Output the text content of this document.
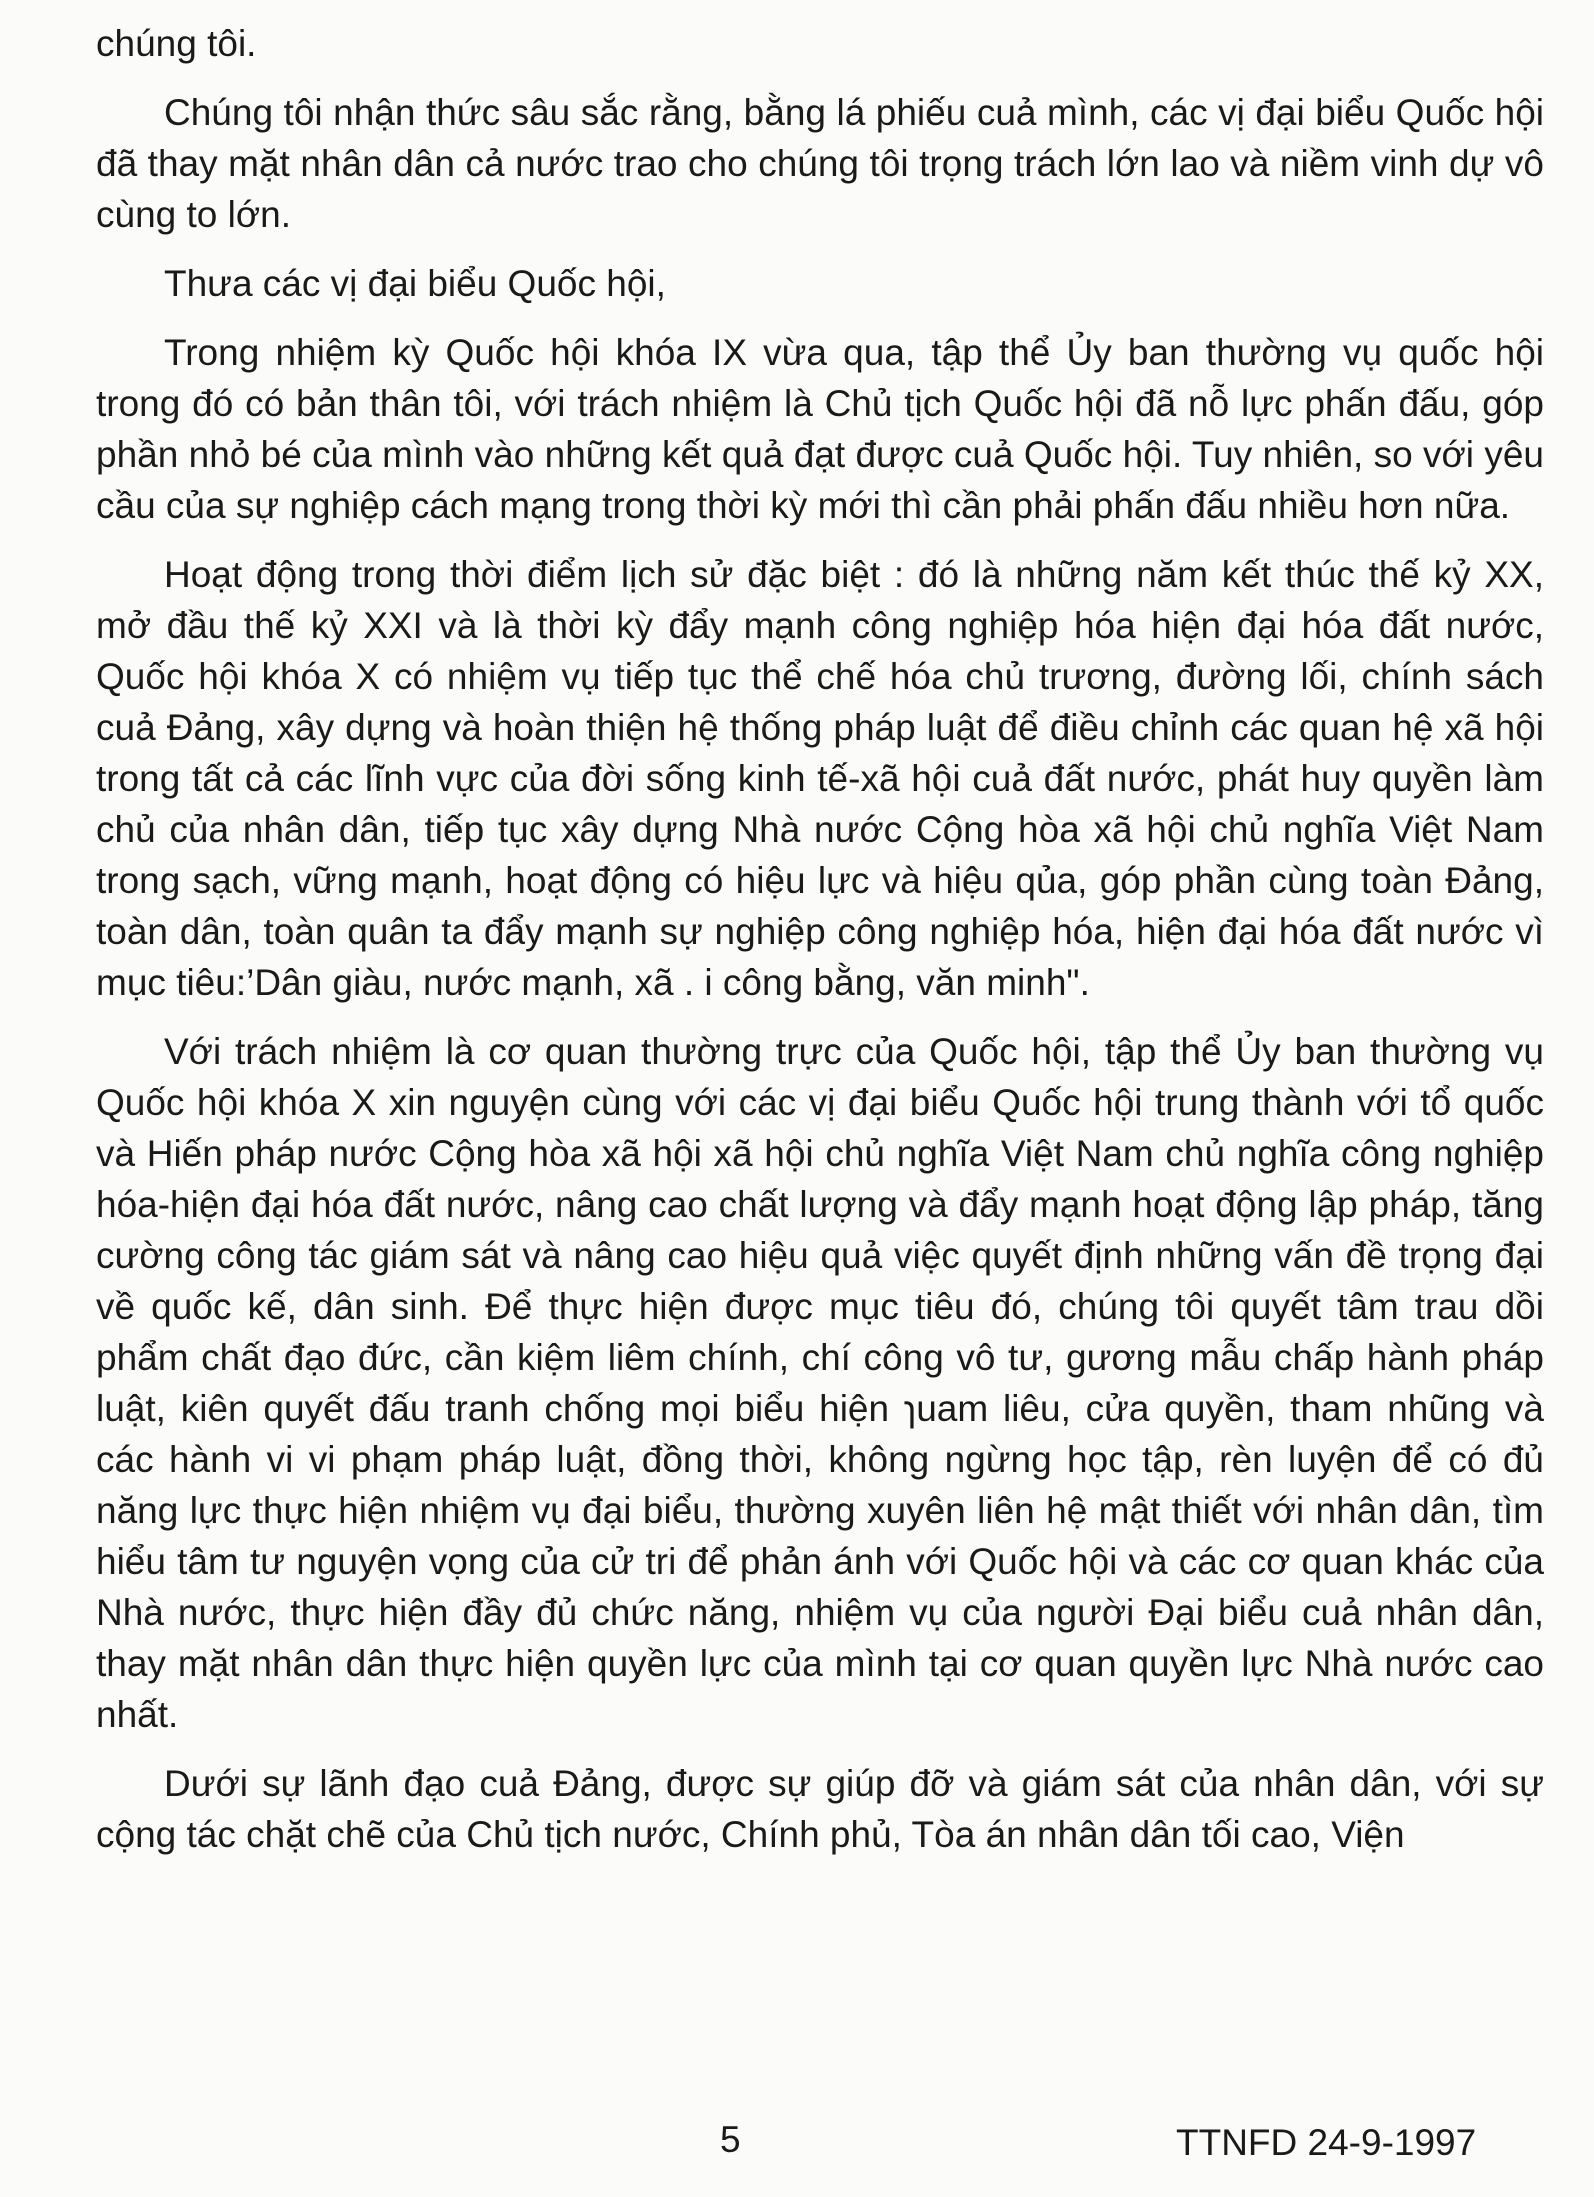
chúng tôi.

Chúng tôi nhận thức sâu sắc rằng, bằng lá phiếu cuả mình, các vị đại biểu Quốc hội đã thay mặt nhân dân cả nước trao cho chúng tôi trọng trách lớn lao và niềm vinh dự vô cùng to lớn.

Thưa các vị đại biểu Quốc hội,

Trong nhiệm kỳ Quốc hội khóa IX vừa qua, tập thể Ủy ban thường vụ quốc hội trong đó có bản thân tôi, với trách nhiệm là Chủ tịch Quốc hội đã nỗ lực phấn đấu, góp phần nhỏ bé của mình vào những kết quả đạt được cuả Quốc hội. Tuy nhiên, so với yêu cầu của sự nghiệp cách mạng trong thời kỳ mới thì cần phải phấn đấu nhiều hơn nữa.

Hoạt động trong thời điểm lịch sử đặc biệt : đó là những năm kết thúc thế kỷ XX, mở đầu thế kỷ XXI và là thời kỳ đẩy mạnh công nghiệp hóa hiện đại hóa đất nước, Quốc hội khóa X có nhiệm vụ tiếp tục thể chế hóa chủ trương, đường lối, chính sách cuả Đảng, xây dựng và hoàn thiện hệ thống pháp luật để điều chỉnh các quan hệ xã hội trong tất cả các lĩnh vực của đời sống kinh tế-xã hội cuả đất nước, phát huy quyền làm chủ của nhân dân, tiếp tục xây dựng Nhà nước Cộng hòa xã hội chủ nghĩa Việt Nam trong sạch, vững mạnh, hoạt động có hiệu lực và hiệu qủa, góp phần cùng toàn Đảng, toàn dân, toàn quân ta đẩy mạnh sự nghiệp công nghiệp hóa, hiện đại hóa đất nước vì mục tiêu:’Dân giàu, nước mạnh, xã . i công bằng, văn minh".

Với trách nhiệm là cơ quan thường trực của Quốc hội, tập thể Ủy ban thường vụ Quốc hội khóa X xin nguyện cùng với các vị đại biểu Quốc hội trung thành với tổ quốc và Hiến pháp nước Cộng hòa xã hội xã hội chủ nghĩa Việt Nam chủ nghĩa công nghiệp hóa-hiện đại hóa đất nước, nâng cao chất lượng và đẩy mạnh hoạt động lập pháp, tăng cường công tác giám sát và nâng cao hiệu quả việc quyết định những vấn đề trọng đại về quốc kế, dân sinh. Để thực hiện được mục tiêu đó, chúng tôi quyết tâm trau dồi phẩm chất đạo đức, cần kiệm liêm chính, chí công vô tư, gương mẫu chấp hành pháp luật, kiên quyết đấu tranh chống mọi biểu hiện ɿuam liêu, cửa quyền, tham nhũng và các hành vi vi phạm pháp luật, đồng thời, không ngừng học tập, rèn luyện để có đủ năng lực thực hiện nhiệm vụ đại biểu, thường xuyên liên hệ mật thiết với nhân dân, tìm hiểu tâm tư nguyện vọng của cử tri để phản ánh với Quốc hội và các cơ quan khác của Nhà nước, thực hiện đầy đủ chức năng, nhiệm vụ của người Đại biểu cuả nhân dân, thay mặt nhân dân thực hiện quyền lực của mình tại cơ quan quyền lực Nhà nước cao nhất.

Dưới sự lãnh đạo cuả Đảng, được sự giúp đỡ và giám sát của nhân dân, với sự cộng tác chặt chẽ của Chủ tịch nước, Chính phủ, Tòa án nhân dân tối cao, Viện

5	TTNFD 24-9-1997
